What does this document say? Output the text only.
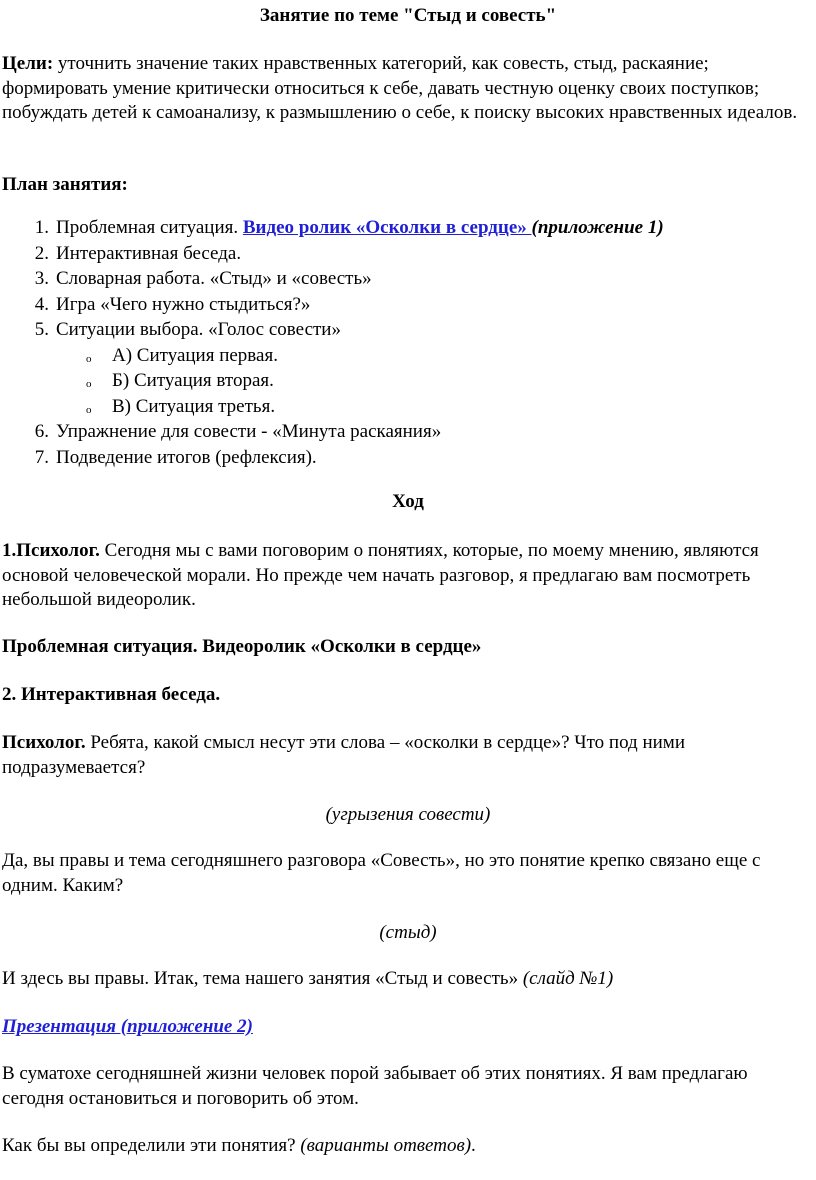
Занятие по теме "Стыд и совесть"
Цели: уточнить значение таких нравственных категорий, как совесть, стыд, раскаяние; формировать умение критически относиться к себе, давать честную оценку своих поступков; побуждать детей к самоанализу, к размышлению о себе, к поиску высоких нравственных идеалов.
План занятия:
1. Проблемная ситуация. Видео ролик «Осколки в сердце» (приложение 1)
2. Интерактивная беседа.
3. Словарная работа. «Стыд» и «совесть»
4. Игра «Чего нужно стыдиться?»
5. Ситуации выбора. «Голос совести»
o А) Ситуация первая.
o Б) Ситуация вторая.
o В) Ситуация третья.
6. Упражнение для совести - «Минута раскаяния»
7. Подведение итогов (рефлексия).
Ход
1.Психолог. Сегодня мы с вами поговорим о понятиях, которые, по моему мнению, являются основой человеческой морали. Но прежде чем начать разговор, я предлагаю вам посмотреть небольшой видеоролик.
Проблемная ситуация. Видеоролик «Осколки в сердце»
2. Интерактивная беседа.
Психолог. Ребята, какой смысл несут эти слова – «осколки в сердце»? Что под ними подразумевается?
(угрызения совести)
Да, вы правы и тема сегодняшнего разговора «Совесть», но это понятие крепко связано еще с одним. Каким?
(стыд)
И здесь вы правы. Итак, тема нашего занятия «Стыд и совесть» (слайд №1)
Презентация (приложение 2)
В суматохе сегодняшней жизни человек порой забывает об этих понятиях. Я вам предлагаю сегодня остановиться и поговорить об этом.
Как бы вы определили эти понятия? (варианты ответов).
